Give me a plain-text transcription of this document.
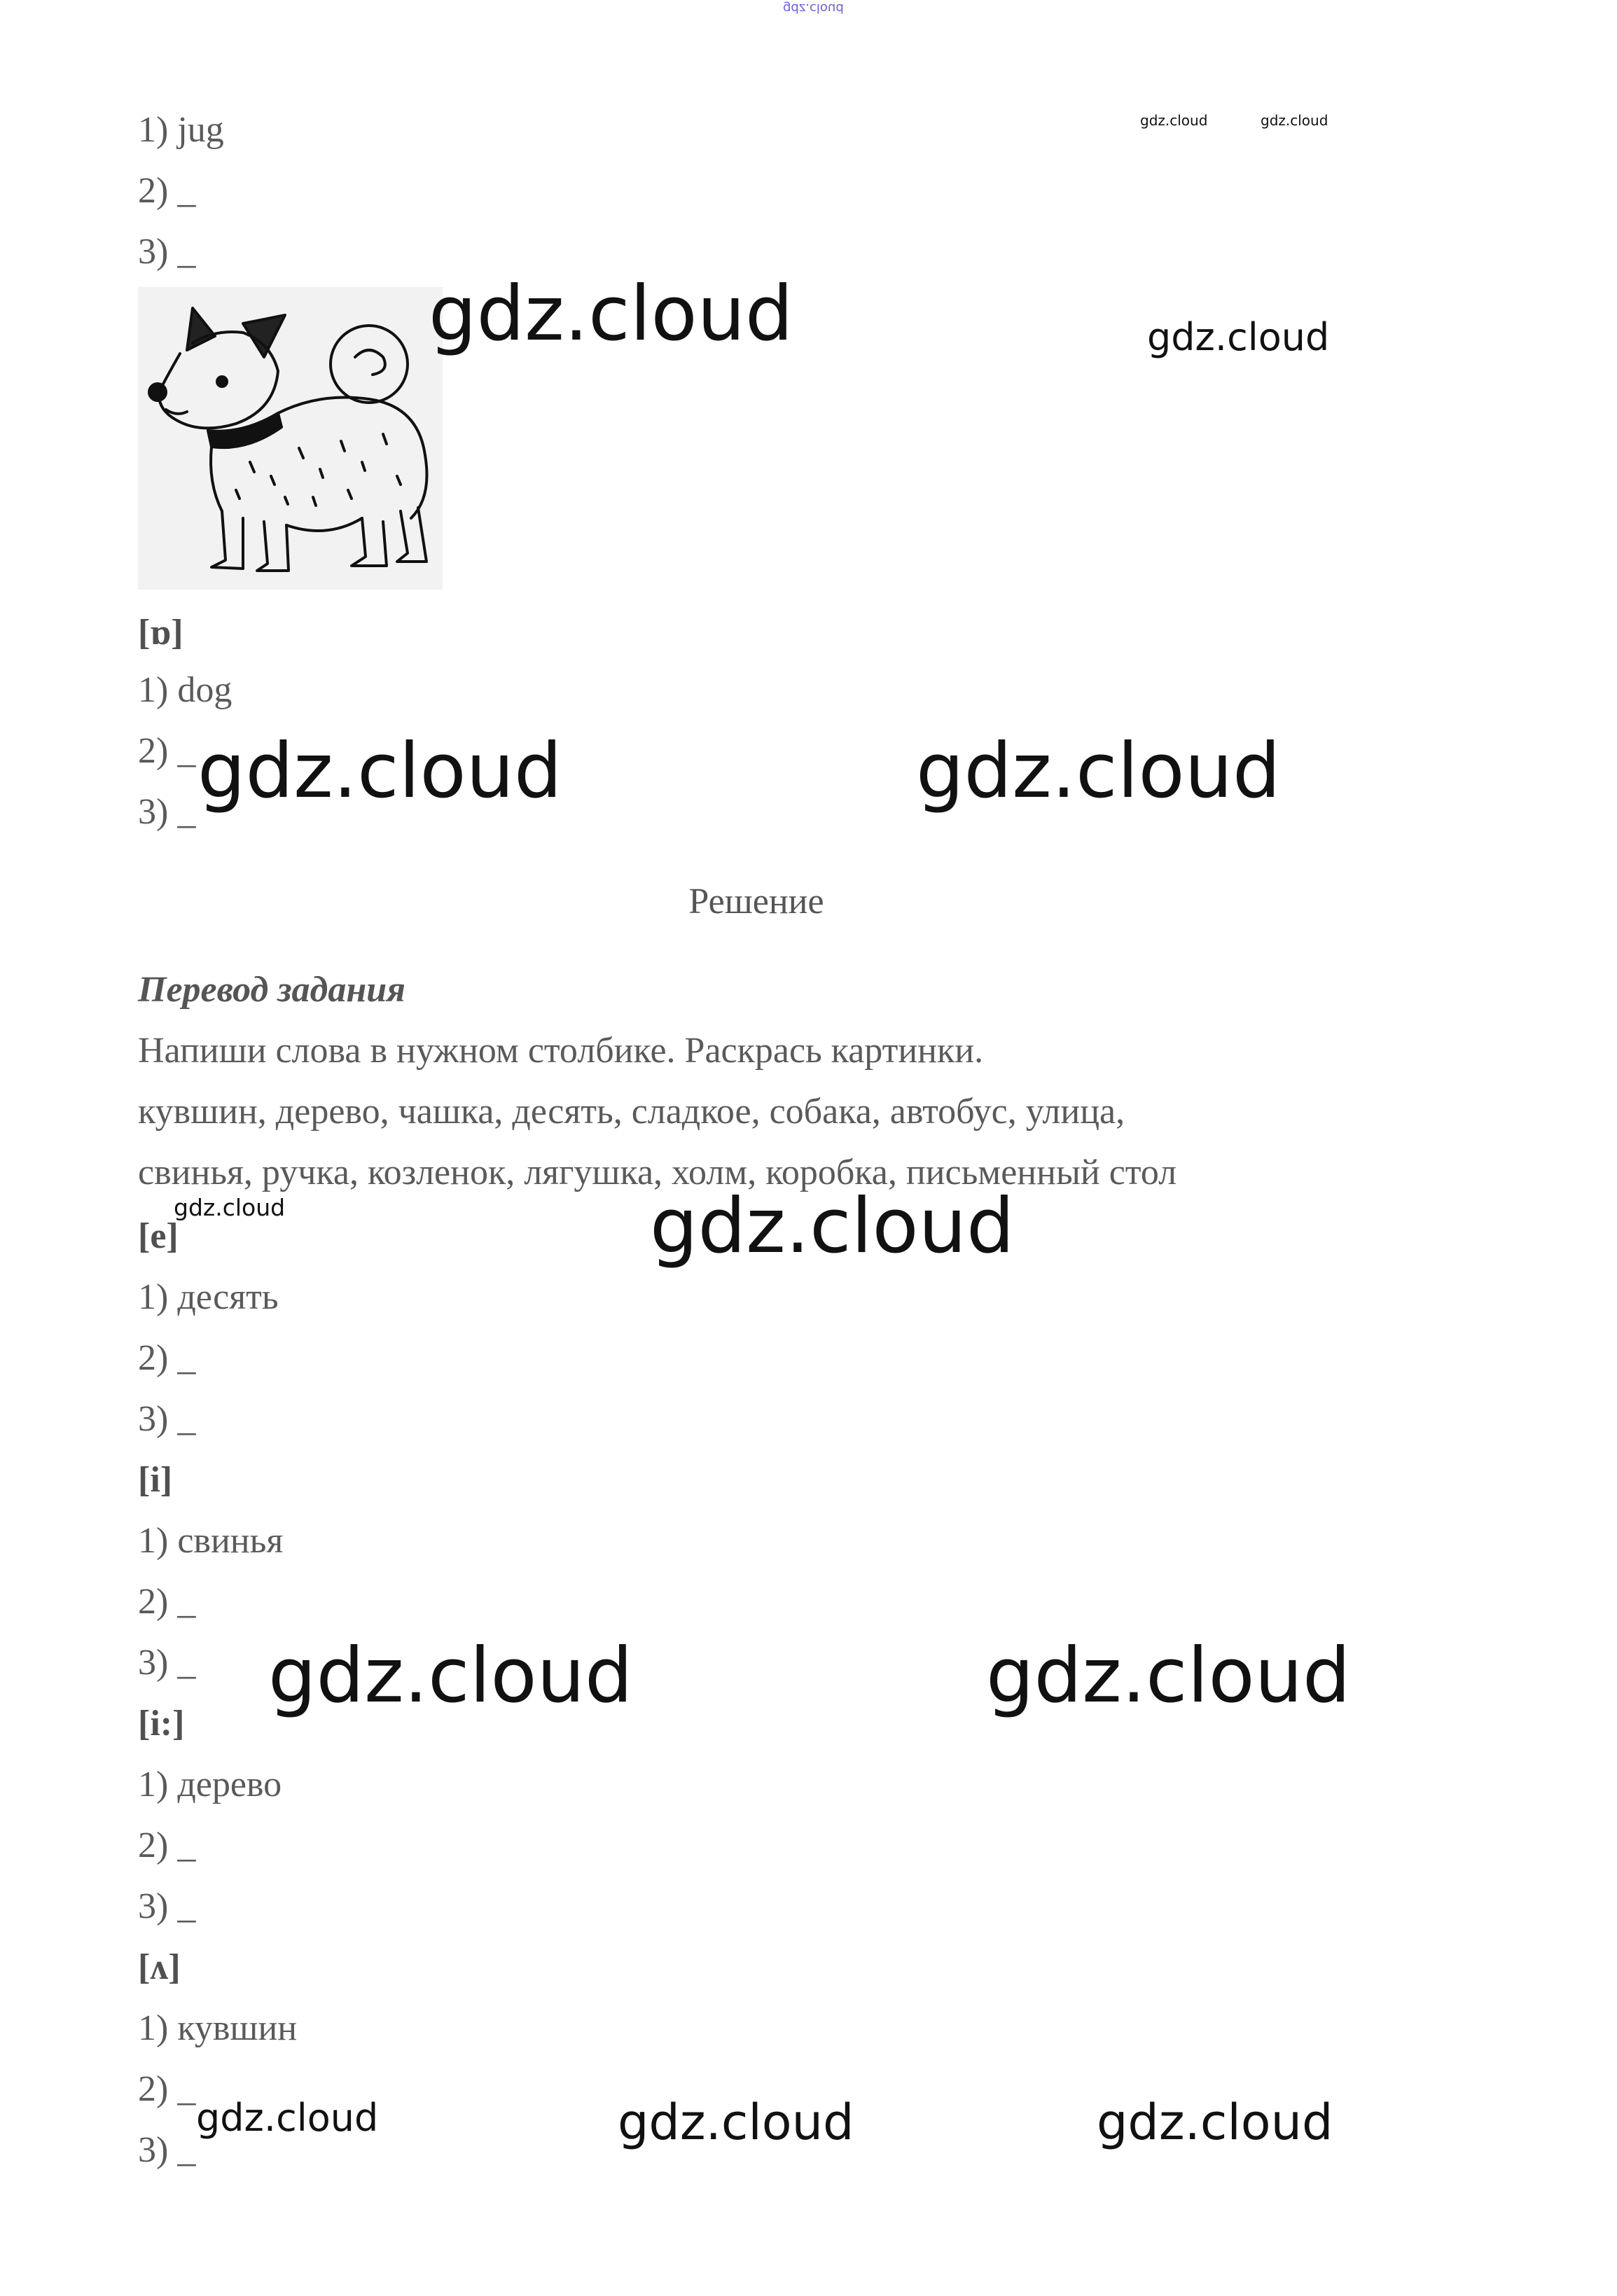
gdz.cloud
1) jug
2) _
3) _
gdz.cloud	gdz.cloud
gdz.cloud	gdz.cloud
[ɒ]
1) dog
2) _
3) _ gdz.cloud	gdz.cloud
Решение
Перевод задания
Напиши слова в нужном столбике. Раскрась картинки.
кувшин, дерево, чашка, десять, сладкое, собака, автобус, улица,
свинья, ручка, козленок, лягушка, холм, коробка, письменный стол
gdz.cloud	gdz.cloud
[e]
1) десять
2) _
3) _
[i]
1) свинья
2) _
3) _ gdz.cloud	gdz.cloud
[i:]
1) дерево
2) _
3) _
[ʌ]
1) кувшин
2) _
3) _
gdz.cloud	gdz.cloud	gdz.cloud
